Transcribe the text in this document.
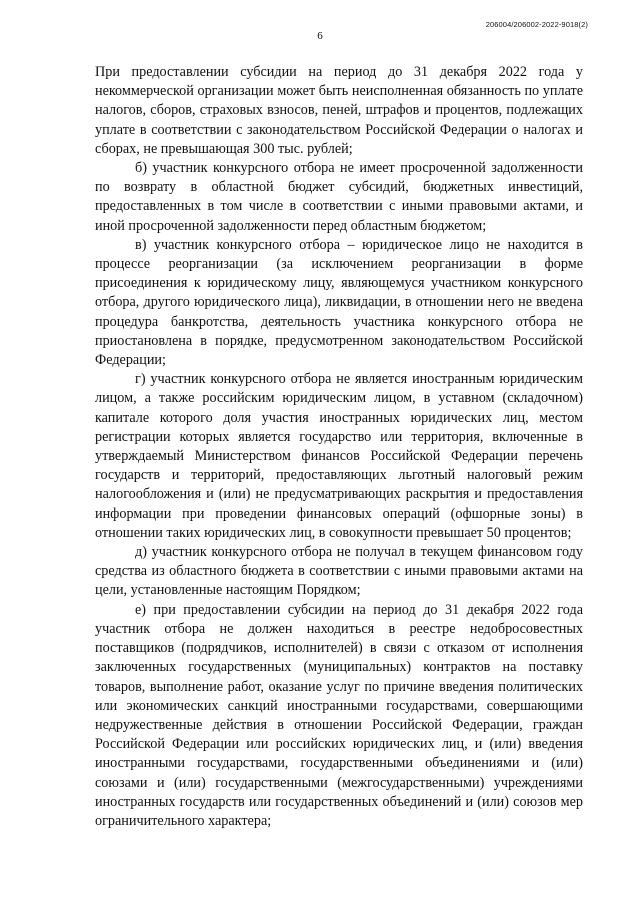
206004/206002-2022-9018(2)
6

При предоставлении субсидии на период до 31 декабря 2022 года у некоммерческой организации может быть неисполненная обязанность по уплате налогов, сборов, страховых взносов, пеней, штрафов и процентов, подлежащих уплате в соответствии с законодательством Российской Федерации о налогах и сборах, не превышающая 300 тыс. рублей;

б) участник конкурсного отбора не имеет просроченной задолженности по возврату в областной бюджет субсидий, бюджетных инвестиций, предоставленных в том числе в соответствии с иными правовыми актами, и иной просроченной задолженности перед областным бюджетом;

в) участник конкурсного отбора – юридическое лицо не находится в процессе реорганизации (за исключением реорганизации в форме присоединения к юридическому лицу, являющемуся участником конкурсного отбора, другого юридического лица), ликвидации, в отношении него не введена процедура банкротства, деятельность участника конкурсного отбора не приостановлена в порядке, предусмотренном законодательством Российской Федерации;

г) участник конкурсного отбора не является иностранным юридическим лицом, а также российским юридическим лицом, в уставном (складочном) капитале которого доля участия иностранных юридических лиц, местом регистрации которых является государство или территория, включенные в утверждаемый Министерством финансов Российской Федерации перечень государств и территорий, предоставляющих льготный налоговый режим налогообложения и (или) не предусматривающих раскрытия и предоставления информации при проведении финансовых операций (офшорные зоны) в отношении таких юридических лиц, в совокупности превышает 50 процентов;

д) участник конкурсного отбора не получал в текущем финансовом году средства из областного бюджета в соответствии с иными правовыми актами на цели, установленные настоящим Порядком;

е) при предоставлении субсидии на период до 31 декабря 2022 года участник отбора не должен находиться в реестре недобросовестных поставщиков (подрядчиков, исполнителей) в связи с отказом от исполнения заключенных государственных (муниципальных) контрактов на поставку товаров, выполнение работ, оказание услуг по причине введения политических или экономических санкций иностранными государствами, совершающими недружественные действия в отношении Российской Федерации, граждан Российской Федерации или российских юридических лиц, и (или) введения иностранными государствами, государственными объединениями и (или) союзами и (или) государственными (межгосударственными) учреждениями иностранных государств или государственных объединений и (или) союзов мер ограничительного характера;
